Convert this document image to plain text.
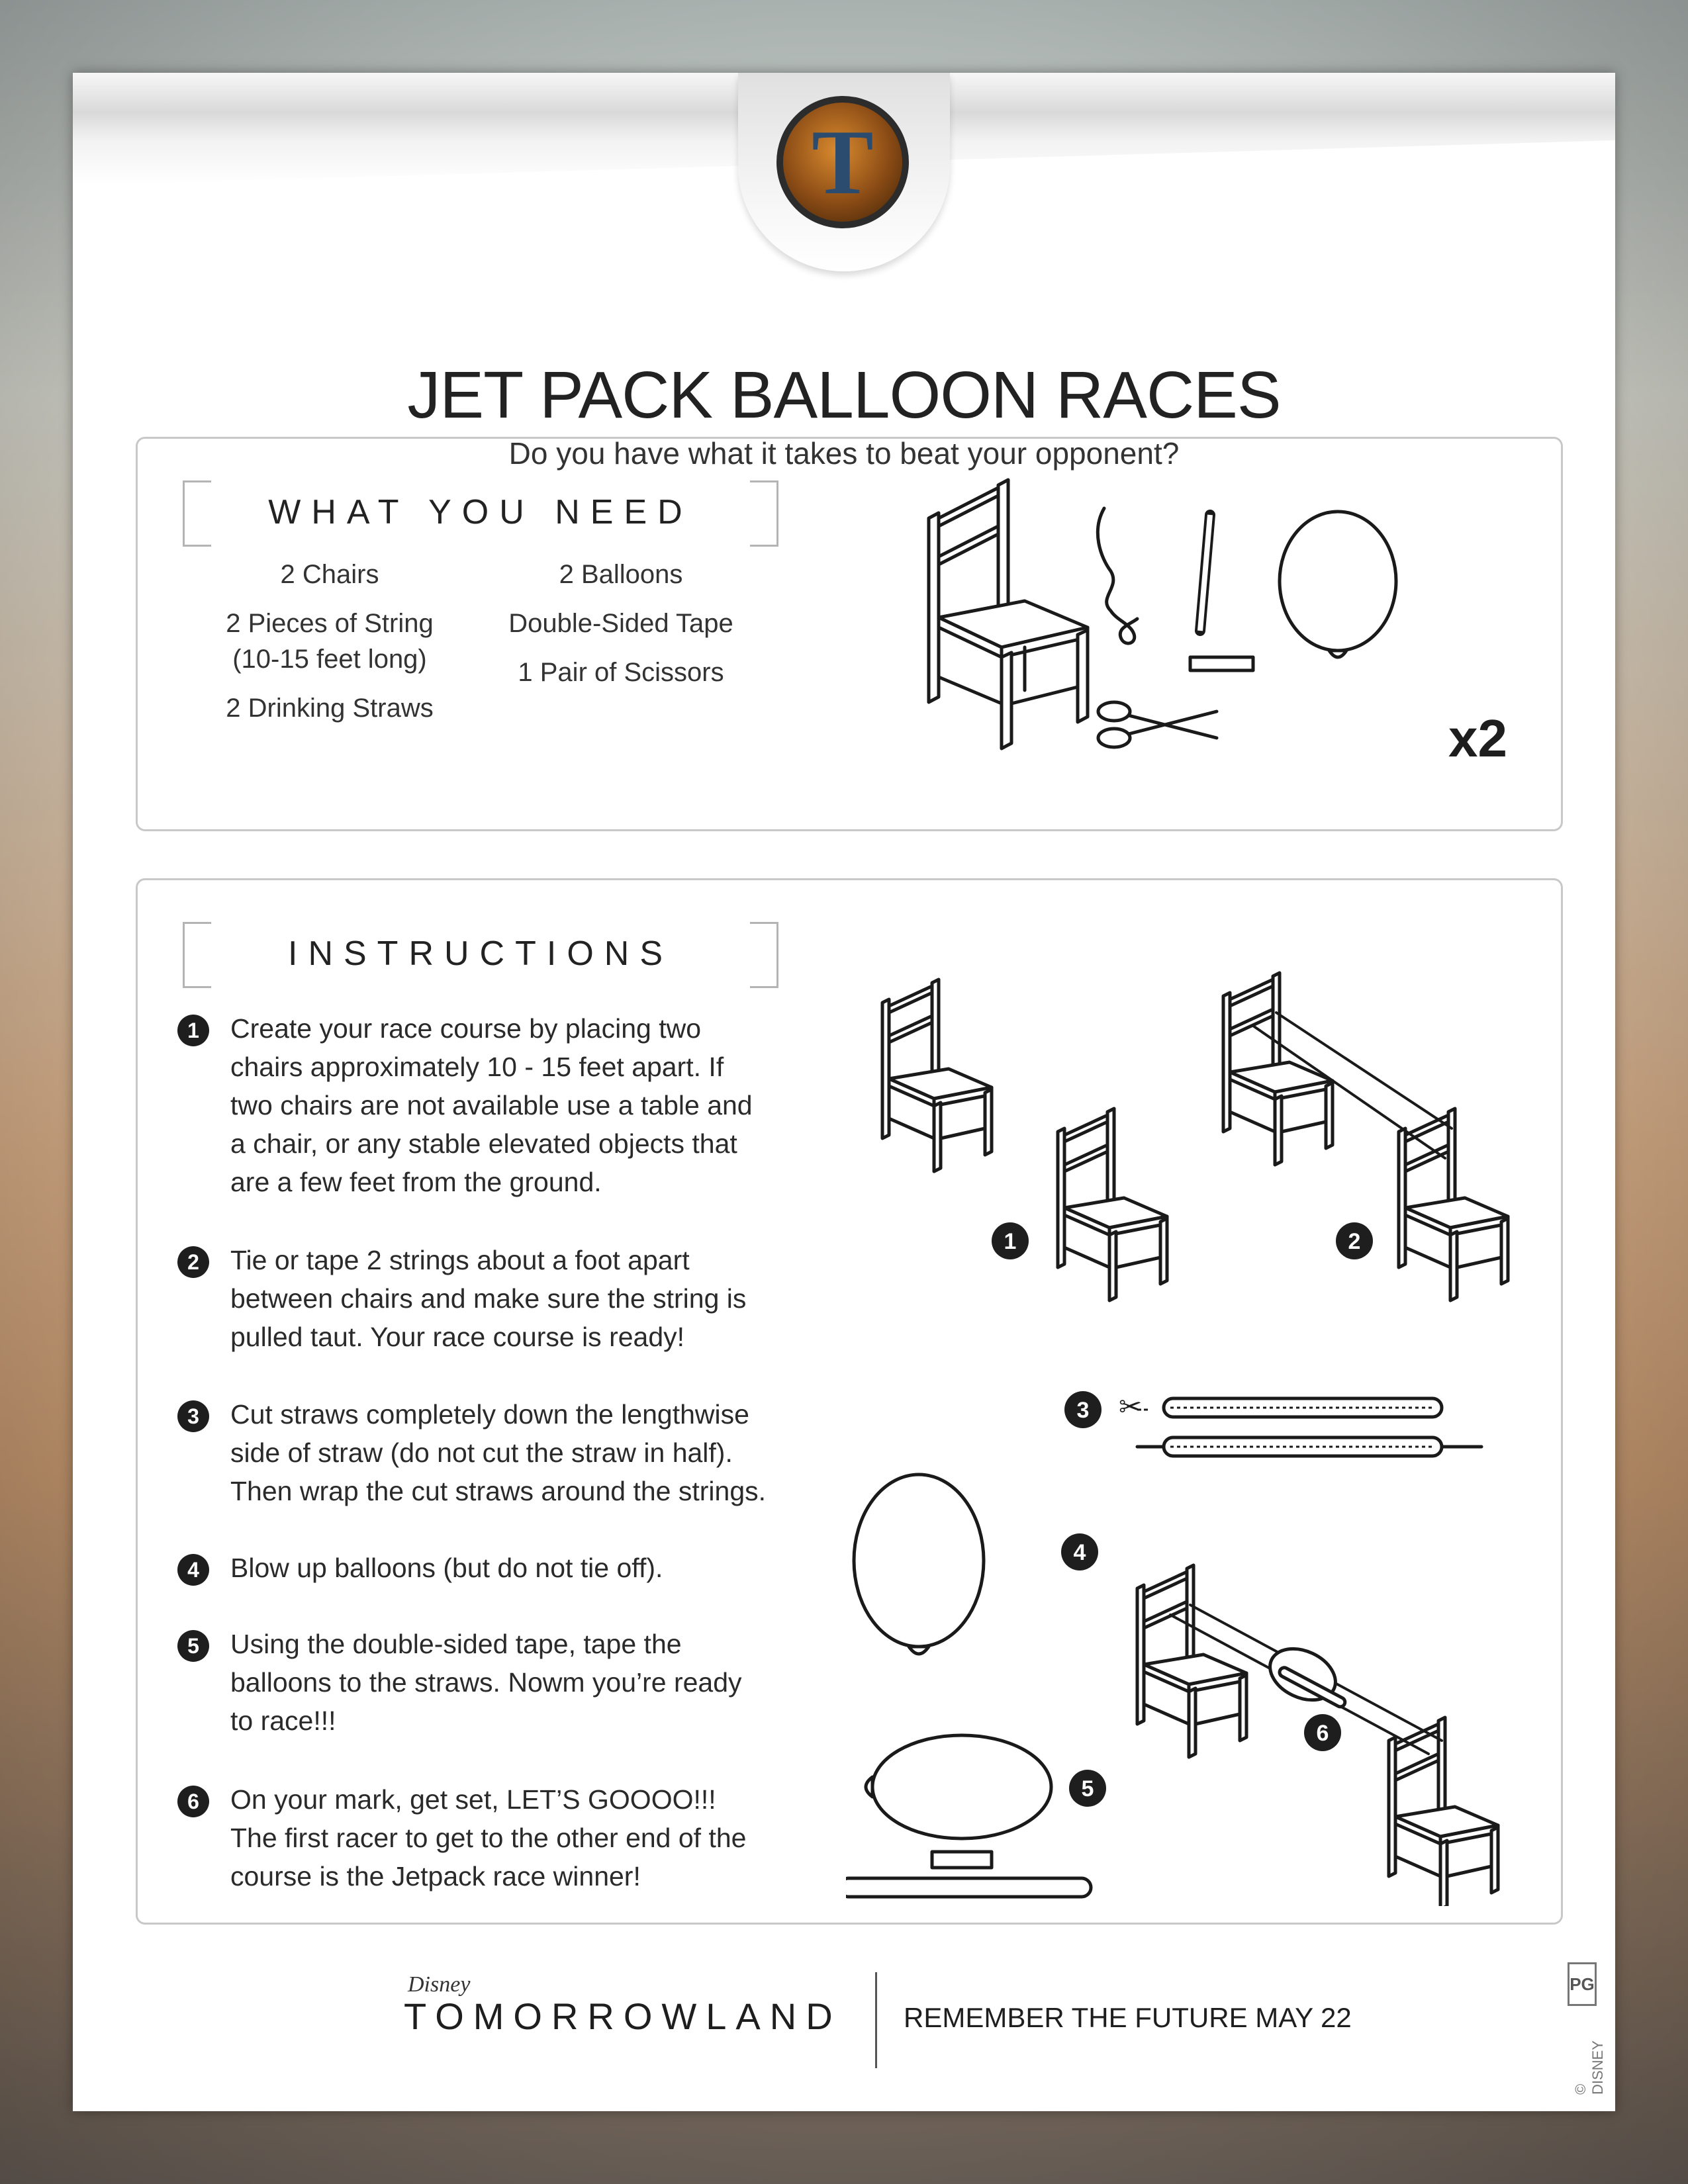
T
JET PACK BALLOON RACES
Do you have what it takes to beat your opponent?
WHAT YOU NEED
2 Chairs
2 Pieces of String
(10-15 feet long)
2 Drinking Straws
2 Balloons
Double-Sided Tape
1 Pair of Scissors
x2
INSTRUCTIONS
1	Create your race course by placing two
chairs approximately 10 - 15 feet apart. If
two chairs are not available use a table and
a chair, or any stable elevated objects that
are a few feet from the ground.
2	Tie or tape 2 strings about a foot apart
between chairs and make sure the string is
pulled taut. Your race course is ready!
3	Cut straws completely down the lengthwise
side of straw (do not cut the straw in half).
Then wrap the cut straws around the strings.
4	Blow up balloons (but do not tie off).
5	Using the double-sided tape, tape the
balloons to the straws. Nowm you’re ready
to race!!!
6	On your mark, get set, LET’S GOOOO!!!
The first racer to get to the other end of the
course is the Jetpack race winner!
✂
1	2
3
4
5
6
Disney
TOMORROWLAND REMEMBER THE FUTURE MAY 22
PG
© DISNEY
